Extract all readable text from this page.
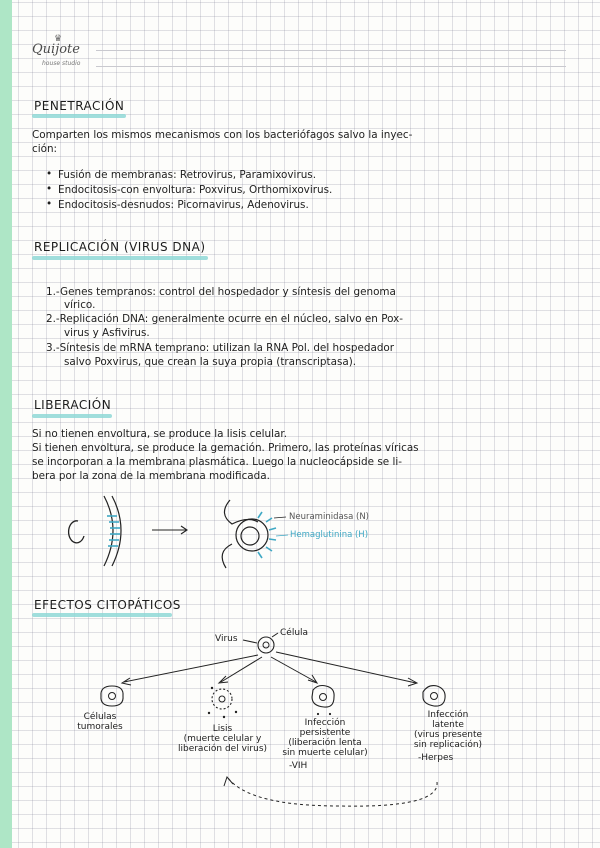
♛
Quijote
house studio
PENETRACIÓN
Comparten los mismos mecanismos con los bacteriófagos salvo la inyec-
ción:
• Fusión de membranas: Retrovirus, Paramixovirus.
• Endocitosis-con envoltura: Poxvirus, Orthomixovirus.
• Endocitosis-desnudos: Picornavirus, Adenovirus.
REPLICACIÓN (VIRUS DNA)
1.-Genes tempranos: control del hospedador y síntesis del genoma
vírico.
2.-Replicación DNA: generalmente ocurre en el núcleo, salvo en Pox-
virus y Asfivirus.
3.-Síntesis de mRNA temprano: utilizan la RNA Pol. del hospedador
salvo Poxvirus, que crean la suya propia (transcriptasa).
LIBERACIÓN
Si no tienen envoltura, se produce la lisis celular.
Si tienen envoltura, se produce la gemación. Primero, las proteínas víricas
se incorporan a la membrana plasmática. Luego la nucleocápside se li-
bera por la zona de la membrana modificada.
Neuraminidasa (N)
Hemaglutinina (H)
EFECTOS CITOPÁTICOS
Virus
Célula
Células
tumorales	Lisis
(muerte celular y
liberación del virus)
Infección
persistente
(liberación lenta
sin muerte celular)
-VIH
Infección
latente
(virus presente
sin replicación)
-Herpes
